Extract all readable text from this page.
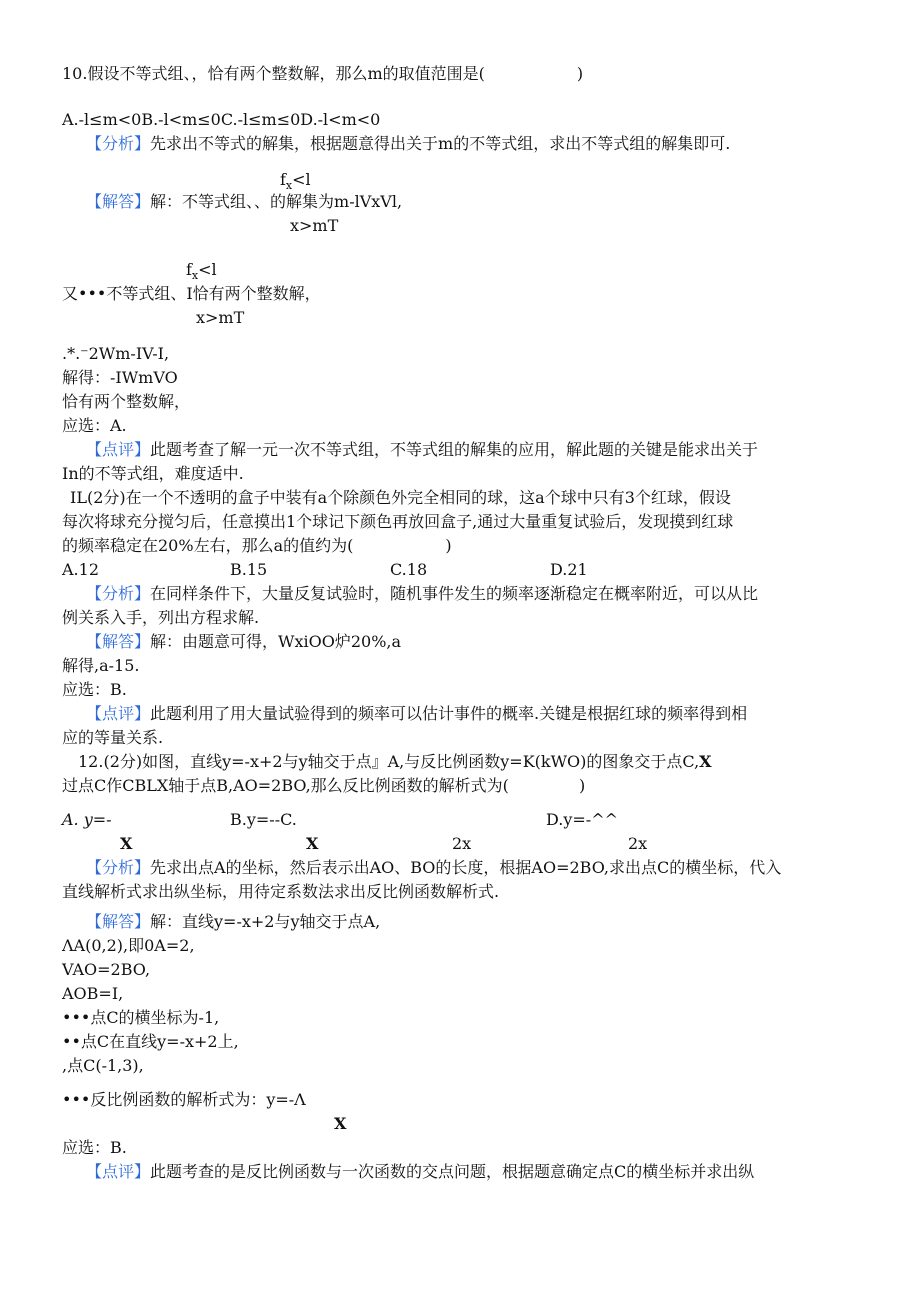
10.假设不等式组、，恰有两个整数解，那么m的取值范围是(	)
A.-l≤m<0B.-l<m≤0C.-l≤m≤0D.-l<m<0
【分析】先求出不等式的解集，根据题意得出关于m的不等式组，求出不等式组的解集即可.
$f_x<l$
【解答】解：不等式组、、的解集为m-lVxVl,
x>mT
$f_x<l$
又•••不等式组、I恰有两个整数解，
x>mT
.*.⁻2Wm-IV-I,
解得：-IWmVO
恰有两个整数解，
应选：A.
【点评】此题考查了解一元一次不等式组，不等式组的解集的应用，解此题的关键是能求出关于
In的不等式组，难度适中.
IL(2分)在一个不透明的盒子中装有a个除颜色外完全相同的球，这a个球中只有3个红球，假设
每次将球充分搅匀后，任意摸出1个球记下颜色再放回盒子,通过大量重复试验后，发现摸到红球
的频率稳定在20%左右，那么a的值约为(	)
A.12	B.15	C.18	D.21
【分析】在同样条件下，大量反复试验时，随机事件发生的频率逐渐稳定在概率附近，可以从比
例关系入手，列出方程求解.
【解答】解：由题意可得，WxiOO炉20%,a
解得,a-15.
应选：B.
【点评】此题利用了用大量试验得到的频率可以估计事件的概率.关键是根据红球的频率得到相
应的等量关系.
12.(2分)如图，直线y=-x+2与y轴交于点』A,与反比例函数y=K(kWO)的图象交于点C,X
过点C作CBLX轴于点B,AO=2BO,那么反比例函数的解析式为(	)
A. y=-	B.y=--C.	D.y=-^^
X	X	2x	2x
【分析】先求出点A的坐标，然后表示出AO、BO的长度，根据AO=2BO,求出点C的横坐标，代入
直线解析式求出纵坐标，用待定系数法求出反比例函数解析式.
【解答】解：直线y=-x+2与y轴交于点A,
ΛA(0,2),即0A=2,
VAO=2BO,
AOB=I,
•••点C的横坐标为-1,
••点C在直线y=-x+2上,
,点C(-1,3),
•••反比例函数的解析式为：y=-Λ
X
应选：B.
【点评】此题考查的是反比例函数与一次函数的交点问题，根据题意确定点C的横坐标并求出纵
